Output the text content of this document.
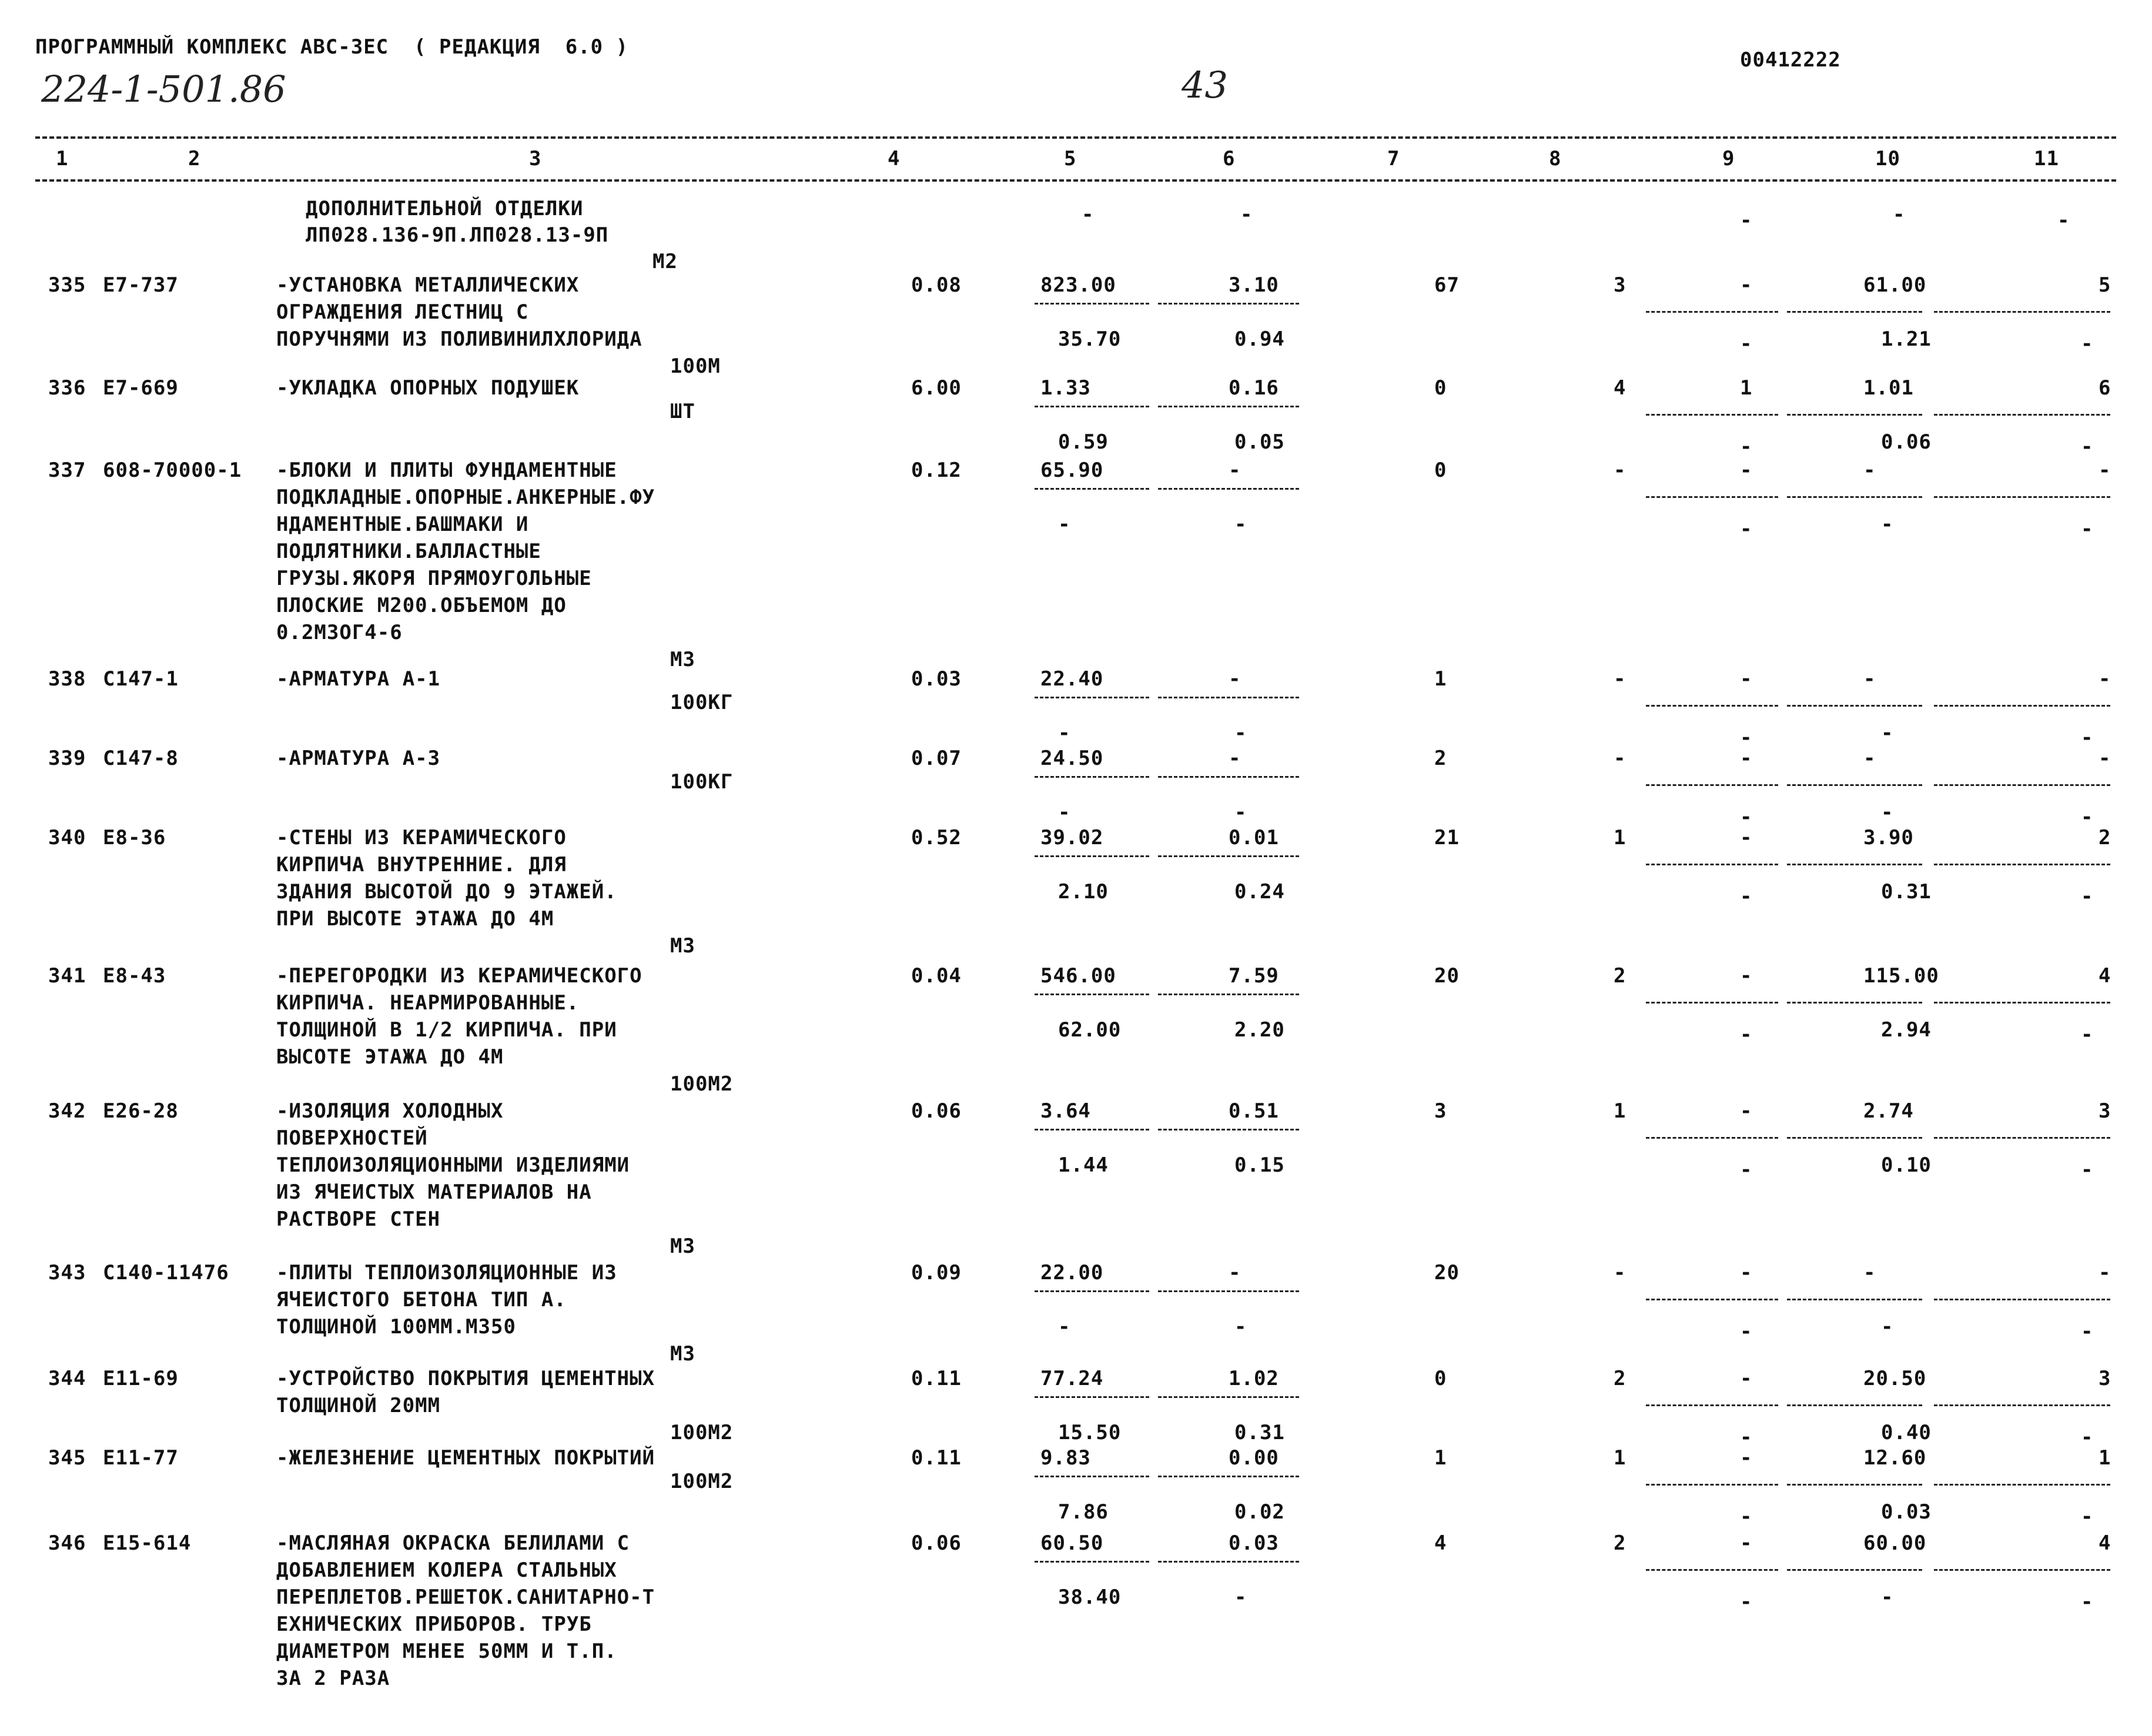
ПРОГРАММНЫЙ КОМПЛЕКС АВС-3ЕС  ( РЕДАКЦИЯ  6.0 )
00412222
224-1-501.86	43
1	2	3	4	5	6	7	8	9	10	11
ДОПОЛНИТЕЛЬНОЙ ОТДЕЛКИ
ЛП028.136-9П.ЛП028.13-9П
М2
-	-	-	-	-
335 Е7-737	-УСТАНОВКА МЕТАЛЛИЧЕСКИХ
ОГРАЖДЕНИЯ ЛЕСТНИЦ С
ПОРУЧНЯМИ ИЗ ПОЛИВИНИЛХЛОРИДА
100М
0.08	823.00	3.10	67	3	-	61.00	5
35.70	0.94	-	1.21	-
336 Е7-669	-УКЛАДКА ОПОРНЫХ ПОДУШЕК
ШТ
6.00	1.33	0.16	0	4	1	1.01	6
0.59	0.05	-	0.06	-
337 608-70000-1 -БЛОКИ И ПЛИТЫ ФУНДАМЕНТНЫЕ
ПОДКЛАДНЫЕ.ОПОРНЫЕ.АНКЕРНЫЕ.ФУ
НДАМЕНТНЫЕ.БАШМАКИ И
ПОДЛЯТНИКИ.БАЛЛАСТНЫЕ
ГРУЗЫ.ЯКОРЯ ПРЯМОУГОЛЬНЫЕ
ПЛОСКИЕ М200.ОБЪЕМОМ ДО
0.2М3ОГ4-6
М3
0.12	65.90	-	0	-	-	-	-
-	-	-	-	-
338 С147-1	-АРМАТУРА А-1
100КГ
0.03	22.40	-	1	-	-	-	-
-	-	-	-	-
339 С147-8	-АРМАТУРА А-3
100КГ
0.07	24.50	-	2	-	-	-	-
-	-	-	-	-
340 Е8-36	-СТЕНЫ ИЗ КЕРАМИЧЕСКОГО
КИРПИЧА ВНУТРЕННИЕ. ДЛЯ
ЗДАНИЯ ВЫСОТОЙ ДО 9 ЭТАЖЕЙ.
ПРИ ВЫСОТЕ ЭТАЖА ДО 4М
М3
0.52	39.02	0.01	21	1	-	3.90	2
2.10	0.24	-	0.31	-
341 Е8-43	-ПЕРЕГОРОДКИ ИЗ КЕРАМИЧЕСКОГО
КИРПИЧА. НЕАРМИРОВАННЫЕ.
ТОЛЩИНОЙ В 1/2 КИРПИЧА. ПРИ
ВЫСОТЕ ЭТАЖА ДО 4М
100М2
0.04	546.00	7.59	20	2	-	115.00	4
62.00	2.20	-	2.94	-
342 Е26-28	-ИЗОЛЯЦИЯ ХОЛОДНЫХ
ПОВЕРХНОСТЕЙ
ТЕПЛОИЗОЛЯЦИОННЫМИ ИЗДЕЛИЯМИ
ИЗ ЯЧЕИСТЫХ МАТЕРИАЛОВ НА
РАСТВОРЕ СТЕН
М3
0.06	3.64	0.51	3	1	-	2.74	3
1.44	0.15	-	0.10	-
343 С140-11476 -ПЛИТЫ ТЕПЛОИЗОЛЯЦИОННЫЕ ИЗ
ЯЧЕИСТОГО БЕТОНА ТИП А.
ТОЛЩИНОЙ 100ММ.М350
М3
0.09	22.00	-	20	-	-	-	-
-	-	-	-	-
344 Е11-69	-УСТРОЙСТВО ПОКРЫТИЯ ЦЕМЕНТНЫХ
ТОЛЩИНОЙ 20ММ
100М2
0.11	77.24	1.02	0	2	-	20.50	3
15.50	0.31	-	0.40	-
345 Е11-77	-ЖЕЛЕЗНЕНИЕ ЦЕМЕНТНЫХ ПОКРЫТИЙ
100М2
0.11	9.83	0.00	1	1	-	12.60	1
7.86	0.02	-	0.03	-
346 Е15-614	-МАСЛЯНАЯ ОКРАСКА БЕЛИЛАМИ С
ДОБАВЛЕНИЕМ КОЛЕРА СТАЛЬНЫХ
ПЕРЕПЛЕТОВ.РЕШЕТОК.САНИТАРНО-Т
ЕХНИЧЕСКИХ ПРИБОРОВ. ТРУБ
ДИАМЕТРОМ МЕНЕЕ 50ММ И Т.П.
ЗА 2 РАЗА
0.06	60.50	0.03	4	2	-	60.00	4
38.40	-	-	-	-
